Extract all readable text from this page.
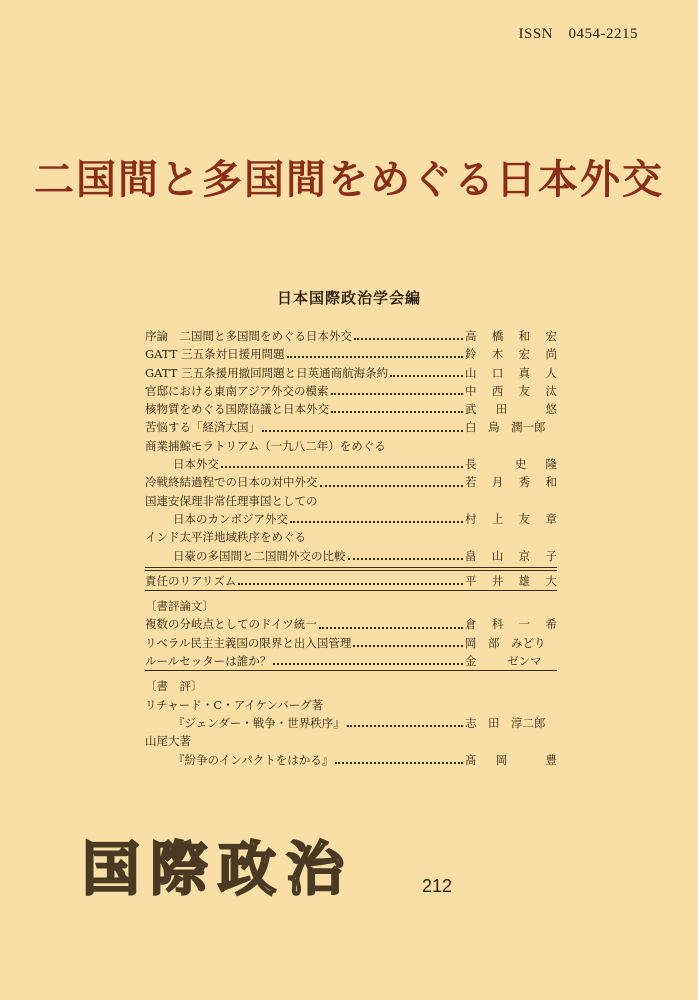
ISSN　0454-2215
二国間と多国間をめぐる日本外交
日本国際政治学会編
序論　二国間と多国間をめぐる日本外交	高 橋 和 宏
GATT 三五条対日援用問題	鈴 木 宏 尚
GATT 三五条援用撤回問題と日英通商航海条約	山 口 真 人
官邸における東南アジア外交の模索	中 西 友 汰
核物質をめぐる国際協議と日本外交	武 田	悠
苦悩する「経済大国」	白 鳥 潤一郎
商業捕鯨モラトリアム（一九八二年）をめぐる
日本外交	長	史 隆
冷戦終結過程での日本の対中外交	若 月 秀 和
国連安保理非常任理事国としての
日本のカンボジア外交	村 上 友 章
インド太平洋地域秩序をめぐる
日豪の多国間と二国間外交の比較	畠 山 京 子
責任のリアリズム	平 井 雄 大
〔書評論文〕
複数の分岐点としてのドイツ統一	倉 科 一 希
リベラル民主主義国の限界と出入国管理	岡 部 みどり
ルールセッターは誰か？	金	ゼンマ
〔書　評〕
リチャード・C・アイケンバーグ著
『ジェンダー・戦争・世界秩序』	志 田 淳二郎
山尾大著
『紛争のインパクトをはかる』	髙 岡	豊
国際政治	212
